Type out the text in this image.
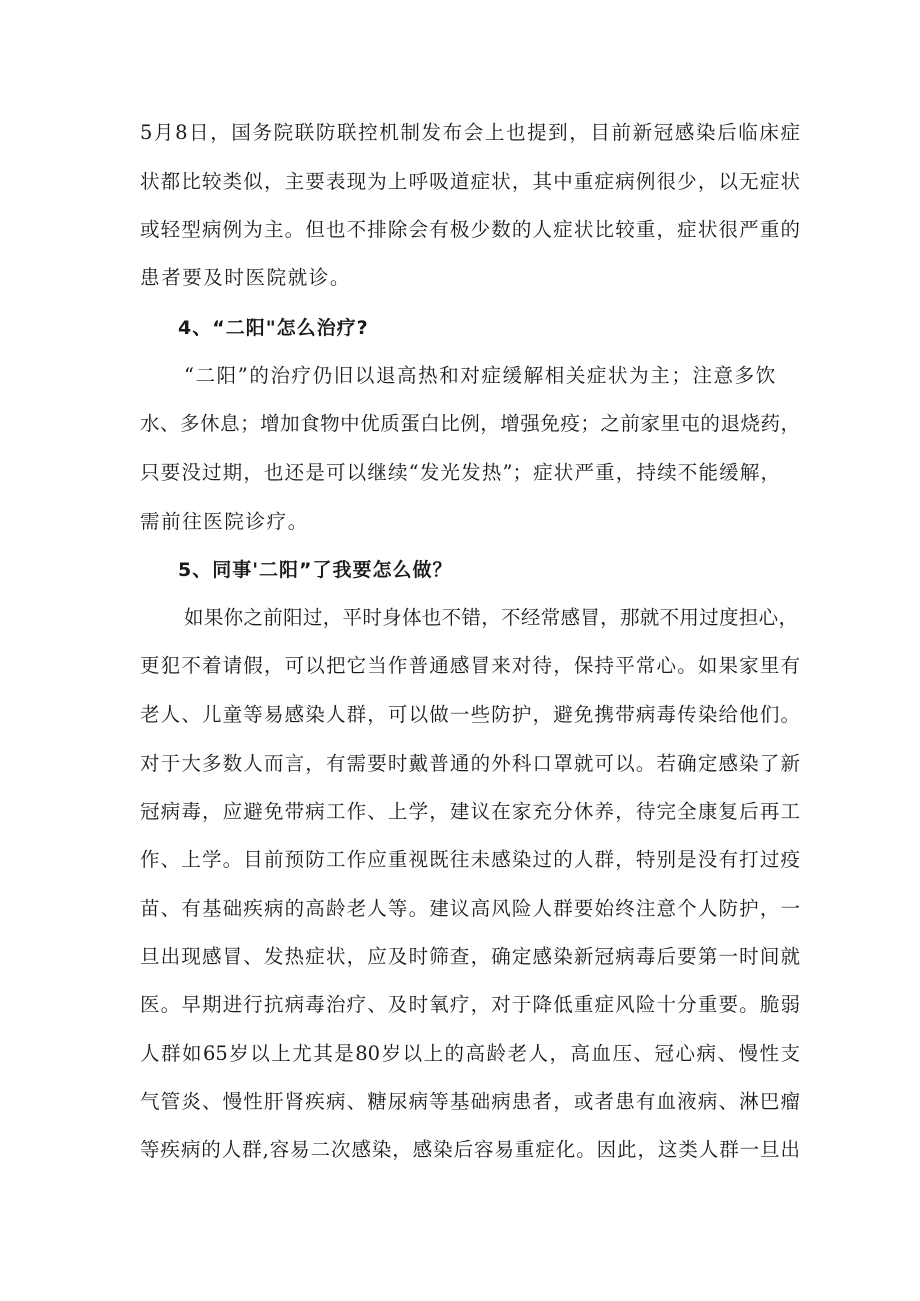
5月8日，国务院联防联控机制发布会上也提到，目前新冠感染后临床症
状都比较类似，主要表现为上呼吸道症状，其中重症病例很少，以无症状
或轻型病例为主。但也不排除会有极少数的人症状比较重，症状很严重的
患者要及时医院就诊。
4、“二阳"怎么治疗?
“二阳”的治疗仍旧以退高热和对症缓解相关症状为主；注意多饮
水、多休息；增加食物中优质蛋白比例，增强免疫；之前家里屯的退烧药，
只要没过期，也还是可以继续“发光发热”；症状严重，持续不能缓解，
需前往医院诊疗。
5、同事'二阳”了我要怎么做？
如果你之前阳过，平时身体也不错，不经常感冒，那就不用过度担心，
更犯不着请假，可以把它当作普通感冒来对待，保持平常心。如果家里有
老人、儿童等易感染人群，可以做一些防护，避免携带病毒传染给他们。
对于大多数人而言，有需要时戴普通的外科口罩就可以。若确定感染了新
冠病毒，应避免带病工作、上学，建议在家充分休养，待完全康复后再工
作、上学。目前预防工作应重视既往未感染过的人群，特别是没有打过疫
苗、有基础疾病的高龄老人等。建议高风险人群要始终注意个人防护，一
旦出现感冒、发热症状，应及时筛查，确定感染新冠病毒后要第一时间就
医。早期进行抗病毒治疗、及时氧疗，对于降低重症风险十分重要。脆弱
人群如65岁以上尤其是80岁以上的高龄老人，高血压、冠心病、慢性支
气管炎、慢性肝肾疾病、糖尿病等基础病患者，或者患有血液病、淋巴瘤
等疾病的人群,容易二次感染，感染后容易重症化。因此，这类人群一旦出
